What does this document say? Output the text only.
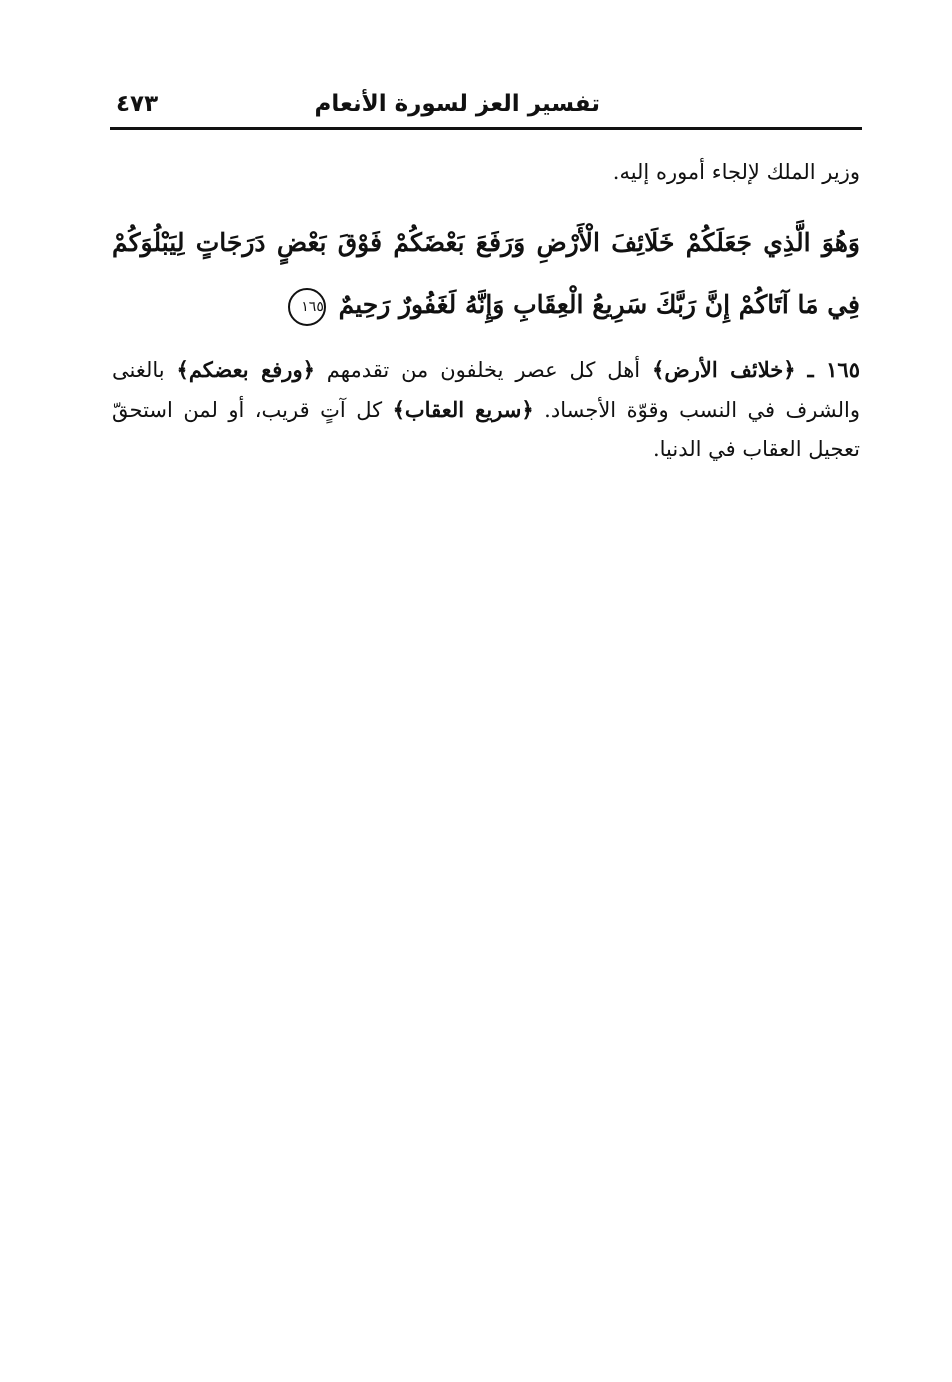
تفسير العز لسورة الأنعام
٤٧٣
وزير الملك لإلجاء أموره إليه.
وَهُوَ الَّذِي جَعَلَكُمْ خَلَائِفَ الْأَرْضِ وَرَفَعَ بَعْضَكُمْ فَوْقَ بَعْضٍ دَرَجَاتٍ لِيَبْلُوَكُمْ فِي مَا آتَاكُمْ إِنَّ رَبَّكَ سَرِيعُ الْعِقَابِ وَإِنَّهُ لَغَفُورٌ رَحِيمٌ ١٦٥
١٦٥ ـ ﴿خلائف الأرض﴾ أهل كل عصر يخلفون من تقدمهم ﴿ورفع بعضكم﴾ بالغنى والشرف في النسب وقوّة الأجساد. ﴿سريع العقاب﴾ كل آتٍ قريب، أو لمن استحقّ تعجيل العقاب في الدنيا.
